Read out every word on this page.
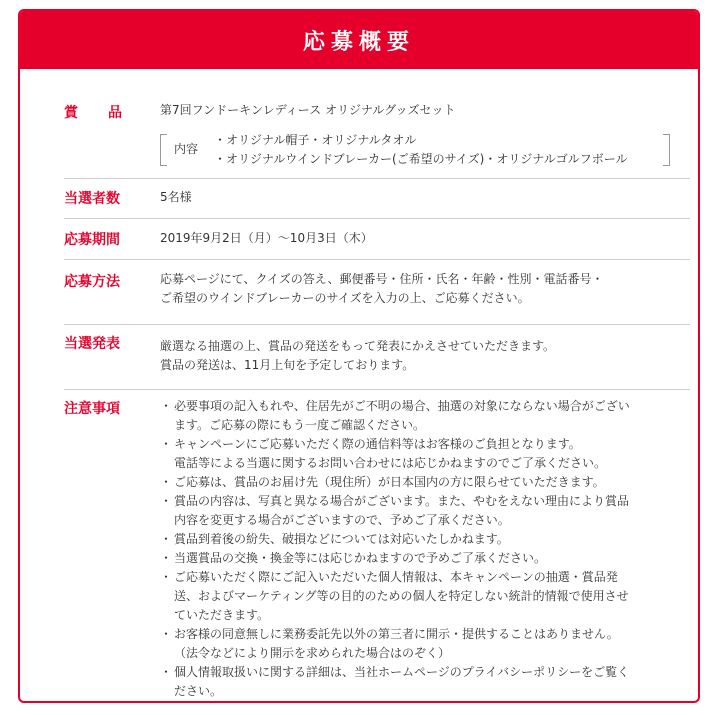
応募概要
賞 品	第7回フンドーキンレディース オリジナルグッズセット

内容

・オリジナル帽子・オリジナルタオル

・オリジナルウインドブレーカー(ご希望のサイズ)・オリジナルゴルフボール

当選者数	5名様

応募期間	2019年9月2日（月）～10月3日（木）

応募方法	応募ページにて、クイズの答え、郵便番号・住所・氏名・年齢・性別・電話番号・

ご希望のウインドブレーカーのサイズを入力の上、ご応募ください。

当選発表	厳選なる抽選の上、賞品の発送をもって発表にかえさせていただきます。

賞品の発送は、11月上旬を予定しております。

注意事項	・ 必要事項の記入もれや、住居先がご不明の場合、抽選の対象にならない場合がござい

ます。ご応募の際にもう一度ご確認ください。

・ キャンペーンにご応募いただく際の通信料等はお客様のご負担となります。

電話等による当選に関するお問い合わせには応じかねますのでご了承ください。

・ ご応募は、賞品のお届け先（現住所）が日本国内の方に限らせていただきます。

・ 賞品の内容は、写真と異なる場合がございます。また、やむをえない理由により賞品

内容を変更する場合がございますので、予めご了承ください。

・ 賞品到着後の紛失、破損などについては対応いたしかねます。

・ 当選賞品の交換・換金等には応じかねますので予めご了承ください。

・ ご応募いただく際にご記入いただいた個人情報は、本キャンペーンの抽選・賞品発

送、およびマーケティング等の目的のための個人を特定しない統計的情報で使用させ

ていただきます。

・ お客様の同意無しに業務委託先以外の第三者に開示・提供することはありません。

（法令などにより開示を求められた場合はのぞく）

・ 個人情報取扱いに関する詳細は、当社ホームページのプライバシーポリシーをご覧く

ださい。
